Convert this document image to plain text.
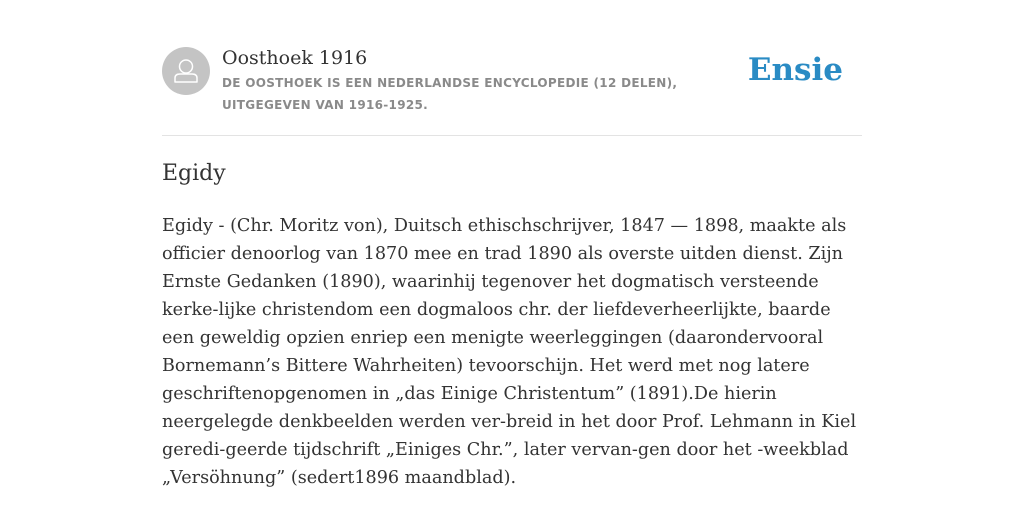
Oosthoek 1916
DE OOSTHOEK IS EEN NEDERLANDSE ENCYCLOPEDIE (12 DELEN), UITGEGEVEN VAN 1916-1925.
Ensie
Egidy

Egidy - (Chr. Moritz von), Duitsch ethischschrijver, 1847 — 1898, maakte als officier denoorlog van 1870 mee en trad 1890 als overste uitden dienst. Zijn Ernste Gedanken (1890), waarinhij tegenover het dogmatisch versteende kerke-lijke christendom een dogmaloos chr. der liefdeverheerlijkte, baarde een geweldig opzien enriep een menigte weerleggingen (daarondervooral Bornemann’s Bittere Wahrheiten) tevoorschijn. Het werd met nog latere geschriftenopgenomen in „das Einige Christentum” (1891).De hierin neergelegde denkbeelden werden ver-breid in het door Prof. Lehmann in Kiel geredi-geerde tijdschrift „Einiges Chr.”, later vervan-gen door het -weekblad „Versöhnung” (sedert1896 maandblad).
